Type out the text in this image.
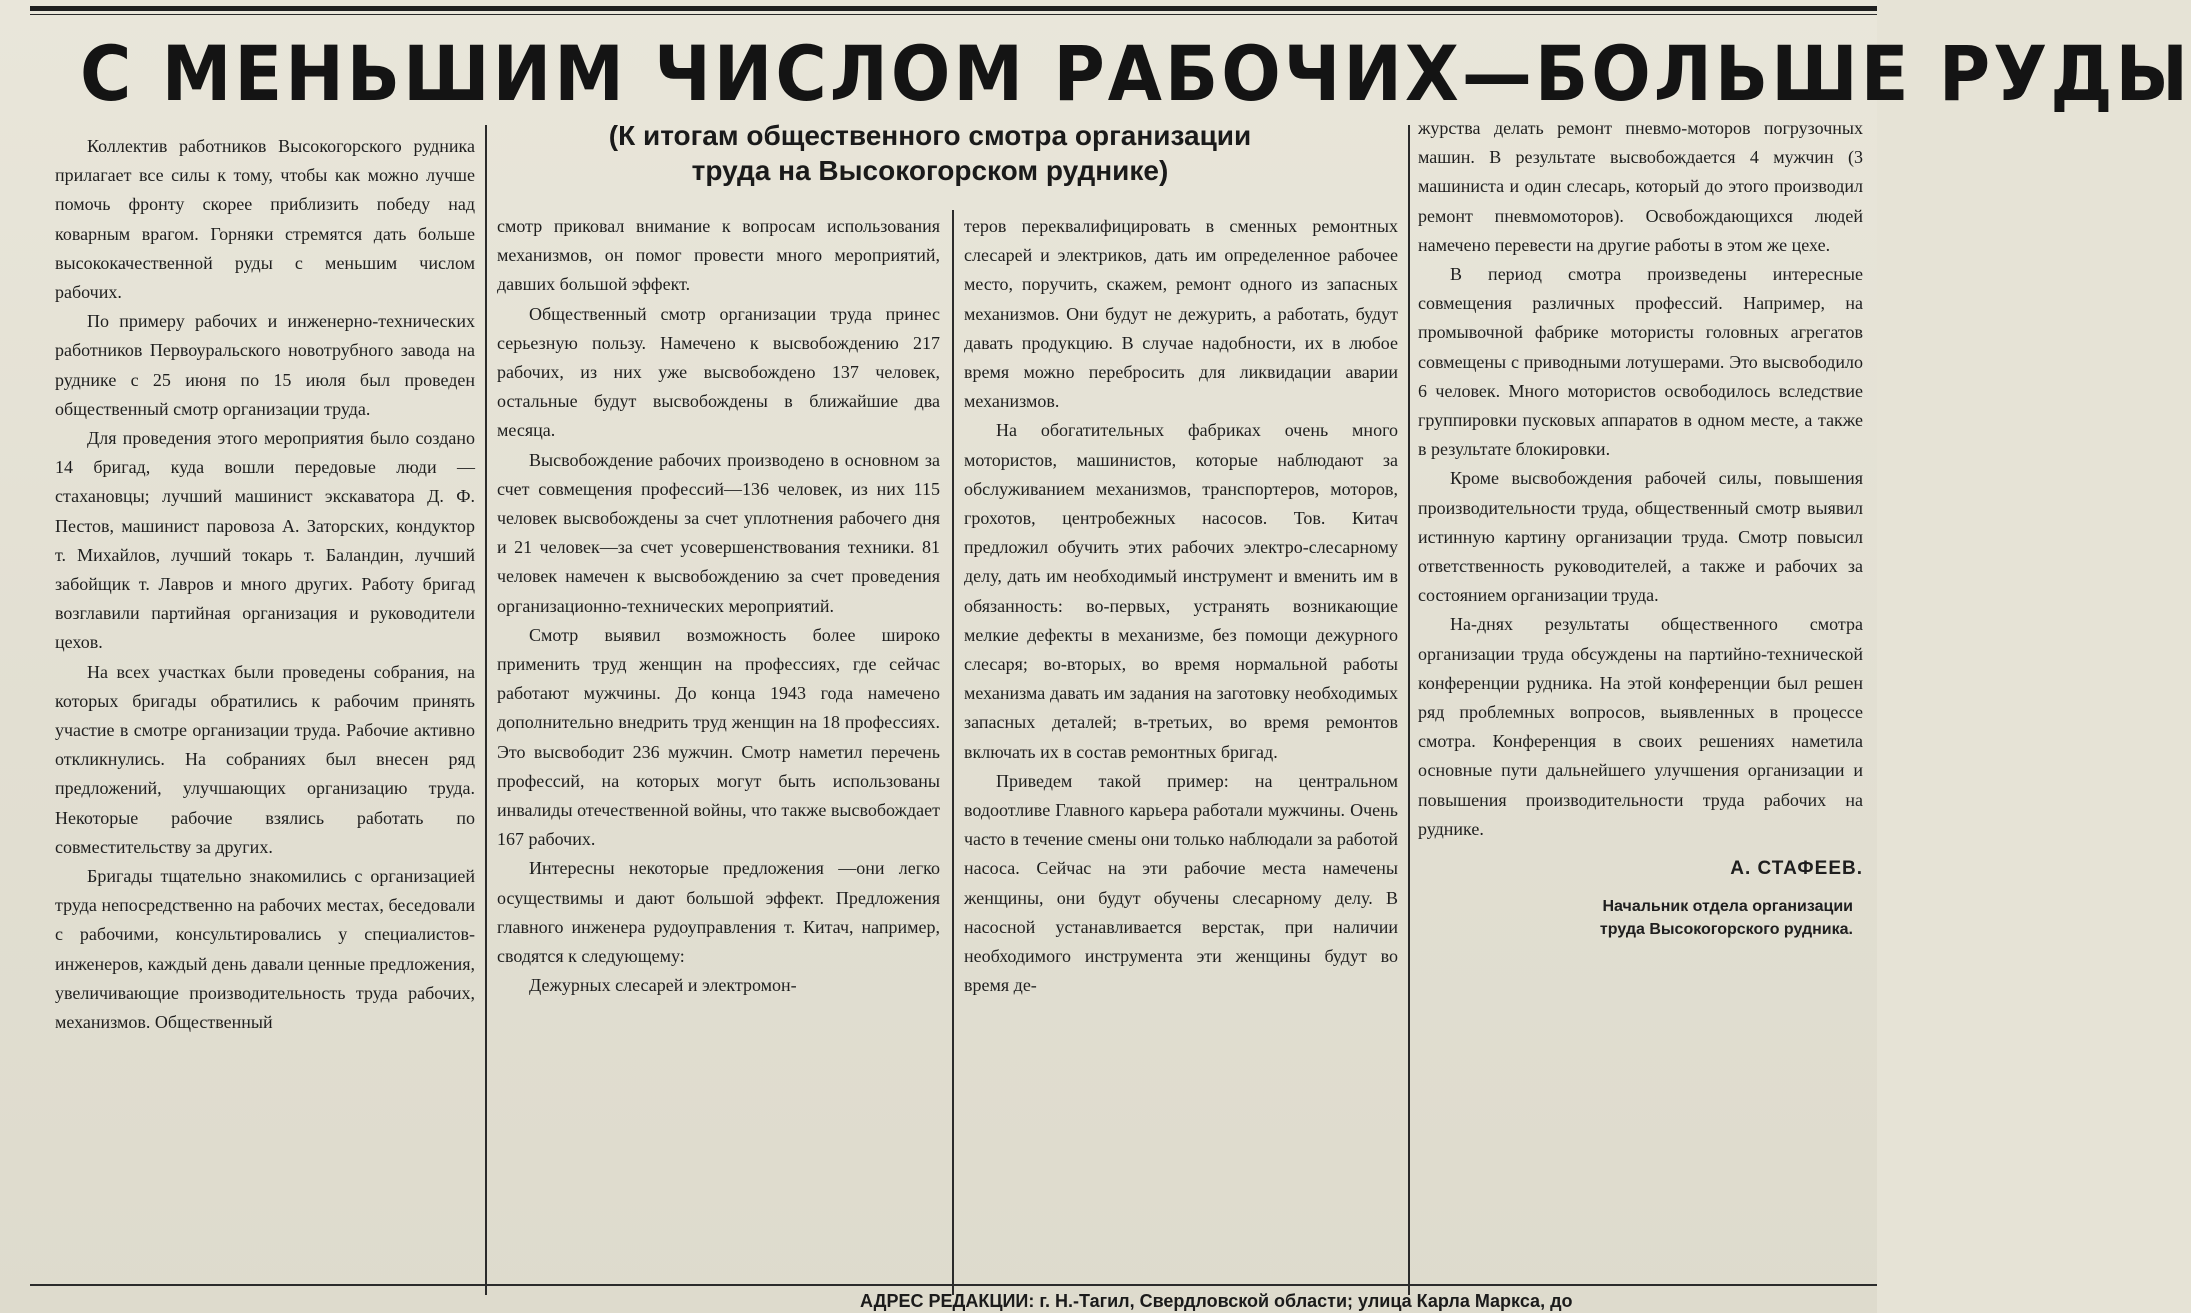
С МЕНЬШИМ ЧИСЛОМ РАБОЧИХ—БОЛЬШЕ РУДЫ
(К итогам общественного смотра организации
труда на Высокогорском руднике)

Коллектив работников Высокогорского рудника прилагает все силы к тому, чтобы как можно лучше помочь фронту скорее приблизить победу над коварным врагом. Горняки стремятся дать больше высококачественной руды с меньшим числом рабочих.

По примеру рабочих и инженерно-технических работников Первоуральского новотрубного завода на руднике с 25 июня по 15 июля был проведен общественный смотр организации труда.

Для проведения этого мероприятия было создано 14 бригад, куда вошли передовые люди — стахановцы; лучший машинист экскаватора Д. Ф. Пестов, машинист паровоза А. Заторских, кондуктор т. Михайлов, лучший токарь т. Баландин, лучший забойщик т. Лавров и много других. Работу бригад возглавили партийная организация и руководители цехов.

На всех участках были проведены собрания, на которых бригады обратились к рабочим принять участие в смотре организации труда. Рабочие активно откликнулись. На собраниях был внесен ряд предложений, улучшающих организацию труда. Некоторые рабочие взялись работать по совместительству за других.

Бригады тщательно знакомились с организацией труда непосредственно на рабочих местах, беседовали с рабочими, консультировались у специалистов-инженеров, каждый день давали ценные предложения, увеличивающие производительность труда рабочих, механизмов. Общественный

смотр приковал внимание к вопросам использования механизмов, он помог провести много мероприятий, давших большой эффект.

Общественный смотр организации труда принес серьезную пользу. Намечено к высвобождению 217 рабочих, из них уже высвобождено 137 человек, остальные будут высвобождены в ближайшие два месяца.

Высвобождение рабочих производено в основном за счет совмещения профессий—136 человек, из них 115 человек высвобождены за счет уплотнения рабочего дня и 21 человек—за счет усовершенствования техники. 81 человек намечен к высвобождению за счет проведения организационно-технических мероприятий.

Смотр выявил возможность более широко применить труд женщин на профессиях, где сейчас работают мужчины. До конца 1943 года намечено дополнительно внедрить труд женщин на 18 профессиях. Это высвободит 236 мужчин. Смотр наметил перечень профессий, на которых могут быть использованы инвалиды отечественной войны, что также высвобождает 167 рабочих.

Интересны некоторые предложения —они легко осуществимы и дают большой эффект. Предложения главного инженера рудоуправления т. Китач, например, сводятся к следующему:

Дежурных слесарей и электромон-

теров переквалифицировать в сменных ремонтных слесарей и электриков, дать им определенное рабочее место, поручить, скажем, ремонт одного из запасных механизмов. Они будут не дежурить, а работать, будут давать продукцию. В случае надобности, их в любое время можно перебросить для ликвидации аварии механизмов.

На обогатительных фабриках очень много мотористов, машинистов, которые наблюдают за обслуживанием механизмов, транспортеров, моторов, грохотов, центробежных насосов. Тов. Китач предложил обучить этих рабочих электро-слесарному делу, дать им необходимый инструмент и вменить им в обязанность: во-первых, устранять возникающие мелкие дефекты в механизме, без помощи дежурного слесаря; во-вторых, во время нормальной работы механизма давать им задания на заготовку необходимых запасных деталей; в-третьих, во время ремонтов включать их в состав ремонтных бригад.

Приведем такой пример: на центральном водоотливе Главного карьера работали мужчины. Очень часто в течение смены они только наблюдали за работой насоса. Сейчас на эти рабочие места намечены женщины, они будут обучены слесарному делу. В насосной устанавливается верстак, при наличии необходимого инструмента эти женщины будут во время де-

журства делать ремонт пневмо-моторов погрузочных машин. В результате высвобождается 4 мужчин (3 машиниста и один слесарь, который до этого производил ремонт пневмомоторов). Освобождающихся людей намечено перевести на другие работы в этом же цехе.

В период смотра произведены интересные совмещения различных профессий. Например, на промывочной фабрике мотористы головных агрегатов совмещены с приводными лотушерами. Это высвободило 6 человек. Много мотористов освободилось вследствие группировки пусковых аппаратов в одном месте, а также в результате блокировки.

Кроме высвобождения рабочей силы, повышения производительности труда, общественный смотр выявил истинную картину организации труда. Смотр повысил ответственность руководителей, а также и рабочих за состоянием организации труда.

На-днях результаты общественного смотра организации труда обсуждены на партийно-технической конференции рудника. На этой конференции был решен ряд проблемных вопросов, выявленных в процессе смотра. Конференция в своих решениях наметила основные пути дальнейшего улучшения организации и повышения производительности труда рабочих на руднике.

А. СТАФЕЕВ.
Начальник отдела организации
труда Высокогорского рудника.
АДРЕС РЕДАКЦИИ: г. Н.-Тагил, Свердловской области; улица Карла Маркса, до
